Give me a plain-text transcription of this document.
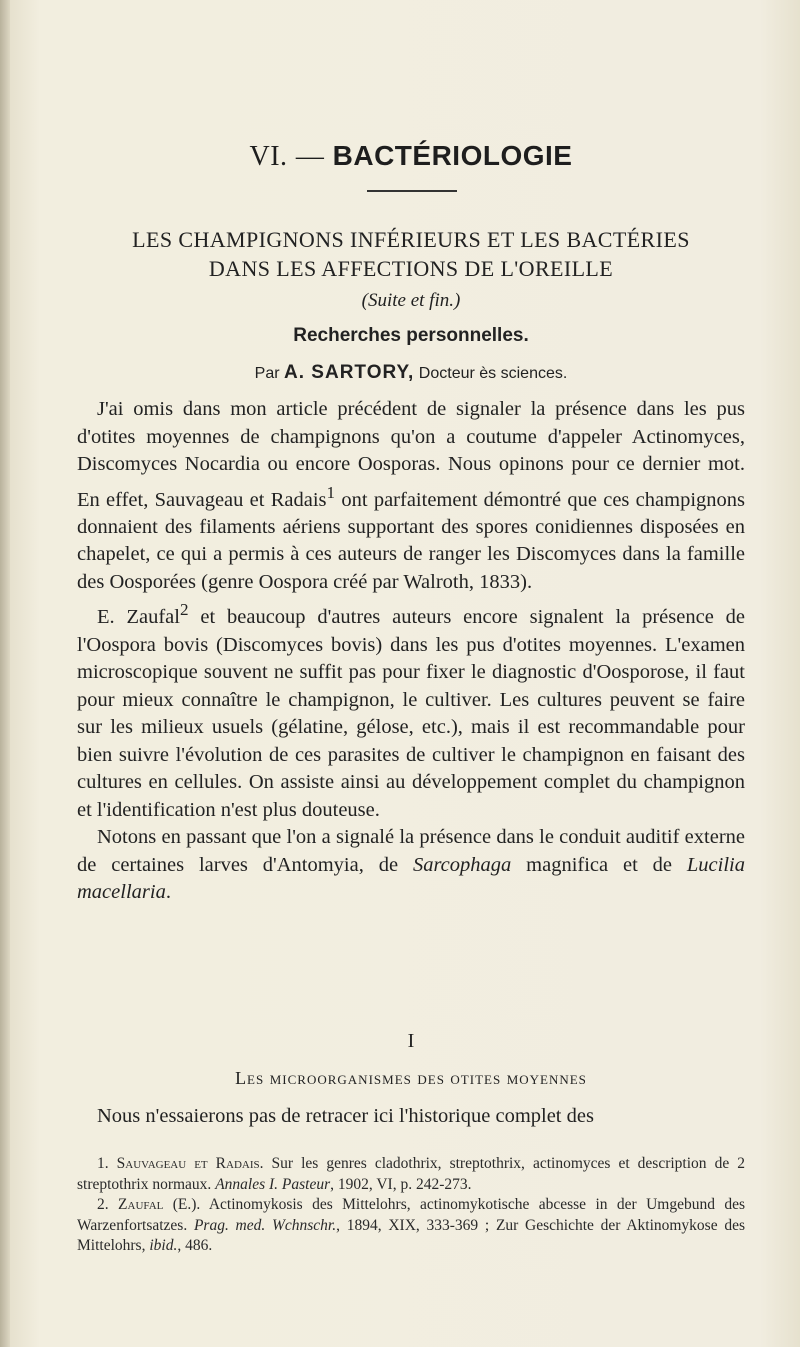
VI. — BACTÉRIOLOGIE
LES CHAMPIGNONS INFÉRIEURS ET LES BACTÉRIES
DANS LES AFFECTIONS DE L'OREILLE
(Suite et fin.)
Recherches personnelles.
Par A. SARTORY, Docteur ès sciences.

J'ai omis dans mon article précédent de signaler la présence dans les pus d'otites moyennes de champignons qu'on a coutume d'appeler Actinomyces, Discomyces Nocardia ou encore Oosporas. Nous opinons pour ce dernier mot. En effet, Sauvageau et Radais$^1$ ont parfaitement démontré que ces champignons donnaient des filaments aériens supportant des spores conidiennes disposées en chapelet, ce qui a permis à ces auteurs de ranger les Discomyces dans la famille des Oosporées (genre Oospora créé par Walroth, 1833).

E. Zaufal$^2$ et beaucoup d'autres auteurs encore signalent la présence de l'Oospora bovis (Discomyces bovis) dans les pus d'otites moyennes. L'examen microscopique souvent ne suffit pas pour fixer le diagnostic d'Oosporose, il faut pour mieux connaître le champignon, le cultiver. Les cultures peuvent se faire sur les milieux usuels (gélatine, gélose, etc.), mais il est recommandable pour bien suivre l'évolution de ces parasites de cultiver le champignon en faisant des cultures en cellules. On assiste ainsi au développement complet du champignon et l'identification n'est plus douteuse.

Notons en passant que l'on a signalé la présence dans le conduit auditif externe de certaines larves d'Antomyia, de Sarcophaga magnifica et de Lucilia macellaria.

I
Les microorganismes des otites moyennes
Nous n'essaierons pas de retracer ici l'historique complet des

1. Sauvageau et Radais. Sur les genres cladothrix, streptothrix, actinomyces et description de 2 streptothrix normaux. Annales I. Pasteur, 1902, VI, p. 242-273.

2. Zaufal (E.). Actinomykosis des Mittelohrs, actinomykotische abcesse in der Umgebund des Warzenfortsatzes. Prag. med. Wchnschr., 1894, XIX, 333-369 ; Zur Geschichte der Aktinomykose des Mittelohrs, ibid., 486.
